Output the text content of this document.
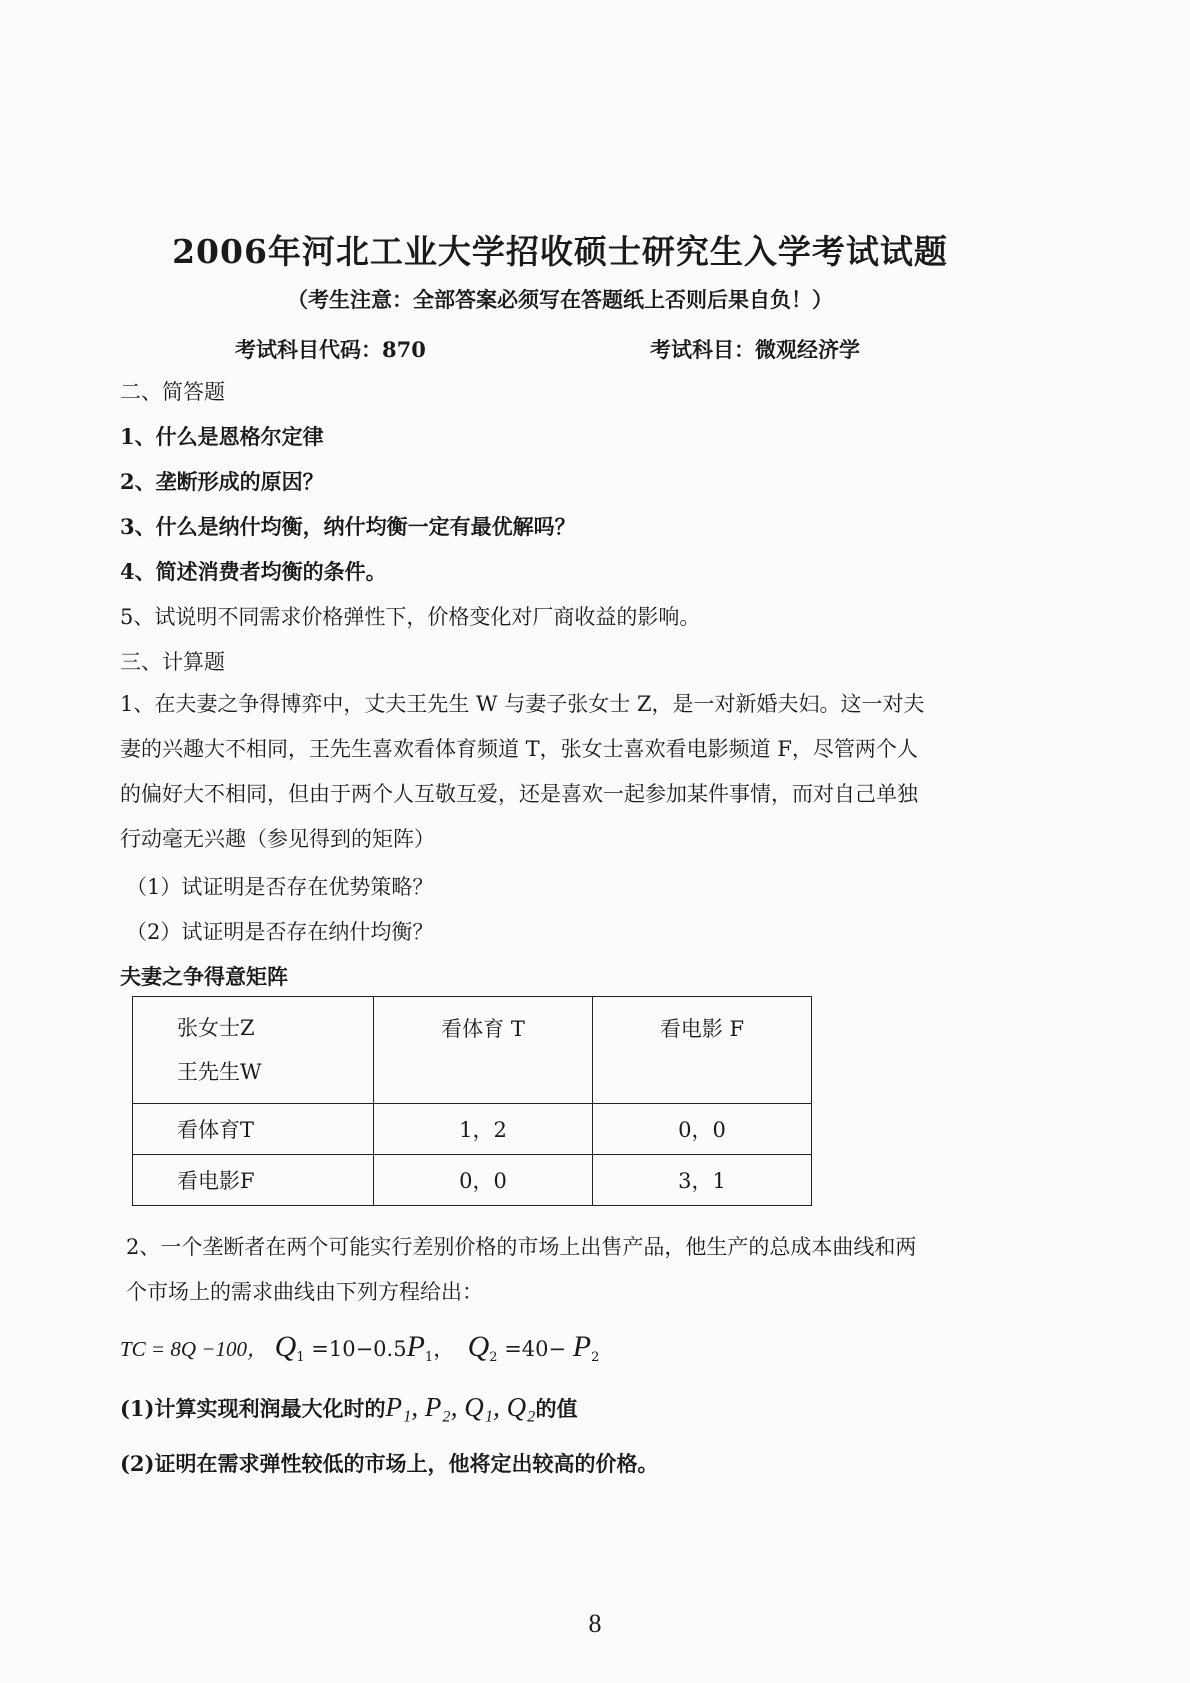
2006年河北工业大学招收硕士研究生入学考试试题
（考生注意：全部答案必须写在答题纸上否则后果自负！）
考试科目代码：870	考试科目：微观经济学
二、简答题
1、什么是恩格尔定律
2、垄断形成的原因？
3、什么是纳什均衡，纳什均衡一定有最优解吗？
4、简述消费者均衡的条件。
5、试说明不同需求价格弹性下，价格变化对厂商收益的影响。
三、计算题

1、在夫妻之争得博弈中，丈夫王先生 W 与妻子张女士 Z，是一对新婚夫妇。这一对夫

妻的兴趣大不相同，王先生喜欢看体育频道 T，张女士喜欢看电影频道 F，尽管两个人

的偏好大不相同，但由于两个人互敬互爱，还是喜欢一起参加某件事情，而对自己单独

行动毫无兴趣（参见得到的矩阵）

（1）试证明是否存在优势策略？
（2）试证明是否存在纳什均衡？
夫妻之争得意矩阵
张女士Z
王先生W	看体育 T	看电影 F
看体育T	1，2	0，0
看电影F	0，0	3，1

2、一个垄断者在两个可能实行差别价格的市场上出售产品，他生产的总成本曲线和两

个市场上的需求曲线由下列方程给出：

TC = 8Q −100， $Q_1 =10-0.5P_1$， $Q_2 =40- P_2$
(1)计算实现利润最大化时的P₁, P₂, Q₁, Q₂的值
(2)证明在需求弹性较低的市场上，他将定出较高的价格。
8
